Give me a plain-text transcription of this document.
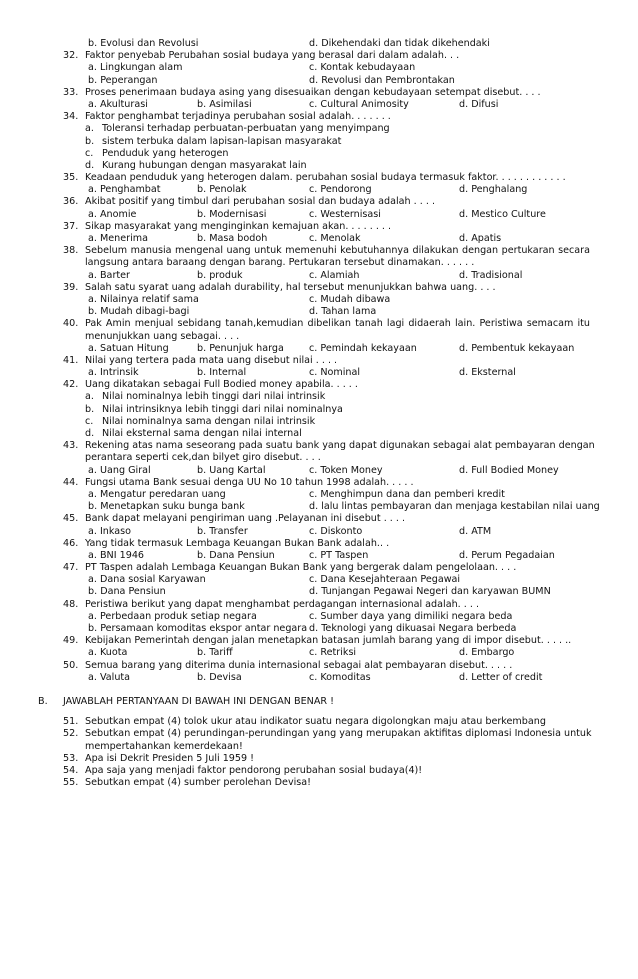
b. Evolusi dan Revolusi	d. Dikehendaki dan tidak dikehendaki
32. Faktor penyebab Perubahan sosial budaya yang berasal dari dalam adalah. . .
a. Lingkungan alam	c. Kontak kebudayaan
b. Peperangan	d. Revolusi dan Pembrontakan
33. Proses penerimaan budaya asing yang disesuaikan dengan kebudayaan setempat disebut. . . .
a. Akulturasi	b. Asimilasi	c. Cultural Animosity	d. Difusi
34. Faktor penghambat terjadinya perubahan sosial adalah. . . . . . .
a. Toleransi terhadap perbuatan-perbuatan yang menyimpang
b. sistem terbuka dalam lapisan-lapisan masyarakat
c. Penduduk yang heterogen
d. Kurang hubungan dengan masyarakat lain
35. Keadaan penduduk yang heterogen dalam. perubahan sosial budaya termasuk faktor. . . . . . . . . . . .
a. Penghambat	b. Penolak	c. Pendorong	d. Penghalang
36. Akibat positif yang timbul dari perubahan sosial dan budaya adalah . . . .
a. Anomie	b. Modernisasi	c. Westernisasi	d. Mestico Culture
37. Sikap masyarakat yang menginginkan kemajuan akan. . . . . . . .
a. Menerima	b. Masa bodoh	c. Menolak	d. Apatis
38. Sebelum manusia mengenal uang untuk memenuhi kebutuhannya dilakukan dengan pertukaran secara
langsung antara baraang dengan barang. Pertukaran tersebut dinamakan. . . . . .
a. Barter	b. produk	c. Alamiah	d. Tradisional
39. Salah satu syarat uang adalah durability, hal tersebut menunjukkan bahwa uang. . . .
a. Nilainya relatif sama	c. Mudah dibawa
b. Mudah dibagi-bagi	d. Tahan lama
40. Pak Amin menjual sebidang tanah,kemudian dibelikan tanah lagi didaerah lain. Peristiwa semacam itu
menunjukkan uang sebagai. . . .
a. Satuan Hitung	b. Penunjuk harga	c. Pemindah kekayaan	d. Pembentuk kekayaan
41. Nilai yang tertera pada mata uang disebut nilai . . . .
a. Intrinsik	b. Internal	c. Nominal	d. Eksternal
42. Uang dikatakan sebagai Full Bodied money apabila. . . . .
a. Nilai nominalnya lebih tinggi dari nilai intrinsik
b. Nilai intrinsiknya lebih tinggi dari nilai nominalnya
c. Nilai nominalnya sama dengan nilai intrinsik
d. Nilai eksternal sama dengan nilai internal
43. Rekening atas nama seseorang pada suatu bank yang dapat digunakan sebagai alat pembayaran dengan
perantara seperti cek,dan bilyet giro disebut. . . .
a. Uang Giral	b. Uang Kartal	c. Token Money	d. Full Bodied Money
44. Fungsi utama Bank sesuai denga UU No 10 tahun 1998 adalah. . . . .
a. Mengatur peredaran uang	c. Menghimpun dana dan pemberi kredit
b. Menetapkan suku bunga bank	d. lalu lintas pembayaran dan menjaga kestabilan nilai uang
45. Bank dapat melayani pengiriman uang .Pelayanan ini disebut . . . .
a. Inkaso	b. Transfer	c. Diskonto	d. ATM
46. Yang tidak termasuk Lembaga Keuangan Bukan Bank adalah.. .
a. BNI 1946	b. Dana Pensiun	c. PT Taspen	d. Perum Pegadaian
47. PT Taspen adalah Lembaga Keuangan Bukan Bank yang bergerak dalam pengelolaan. . . .
a. Dana sosial Karyawan	c. Dana Kesejahteraan Pegawai
b. Dana Pensiun	d. Tunjangan Pegawai Negeri dan karyawan BUMN
48. Peristiwa berikut yang dapat menghambat perdagangan internasional adalah. . . .
a. Perbedaan produk setiap negara	c. Sumber daya yang dimiliki negara beda
b. Persamaan komoditas ekspor antar negara d. Teknologi yang dikuasai Negara berbeda
49. Kebijakan Pemerintah dengan jalan menetapkan batasan jumlah barang yang di impor disebut. . . . ..
a. Kuota	b. Tariff	c. Retriksi	d. Embargo
50. Semua barang yang diterima dunia internasional sebagai alat pembayaran disebut. . . . .
a. Valuta	b. Devisa	c. Komoditas	d. Letter of credit
B. JAWABLAH PERTANYAAN DI BAWAH INI DENGAN BENAR !
51. Sebutkan empat (4) tolok ukur atau indikator suatu negara digolongkan maju atau berkembang
52. Sebutkan empat (4) perundingan-perundingan yang yang merupakan aktifitas diplomasi Indonesia untuk
mempertahankan kemerdekaan!
53. Apa isi Dekrit Presiden 5 Juli 1959 !
54. Apa saja yang menjadi faktor pendorong perubahan sosial budaya(4)!
55. Sebutkan empat (4) sumber perolehan Devisa!
